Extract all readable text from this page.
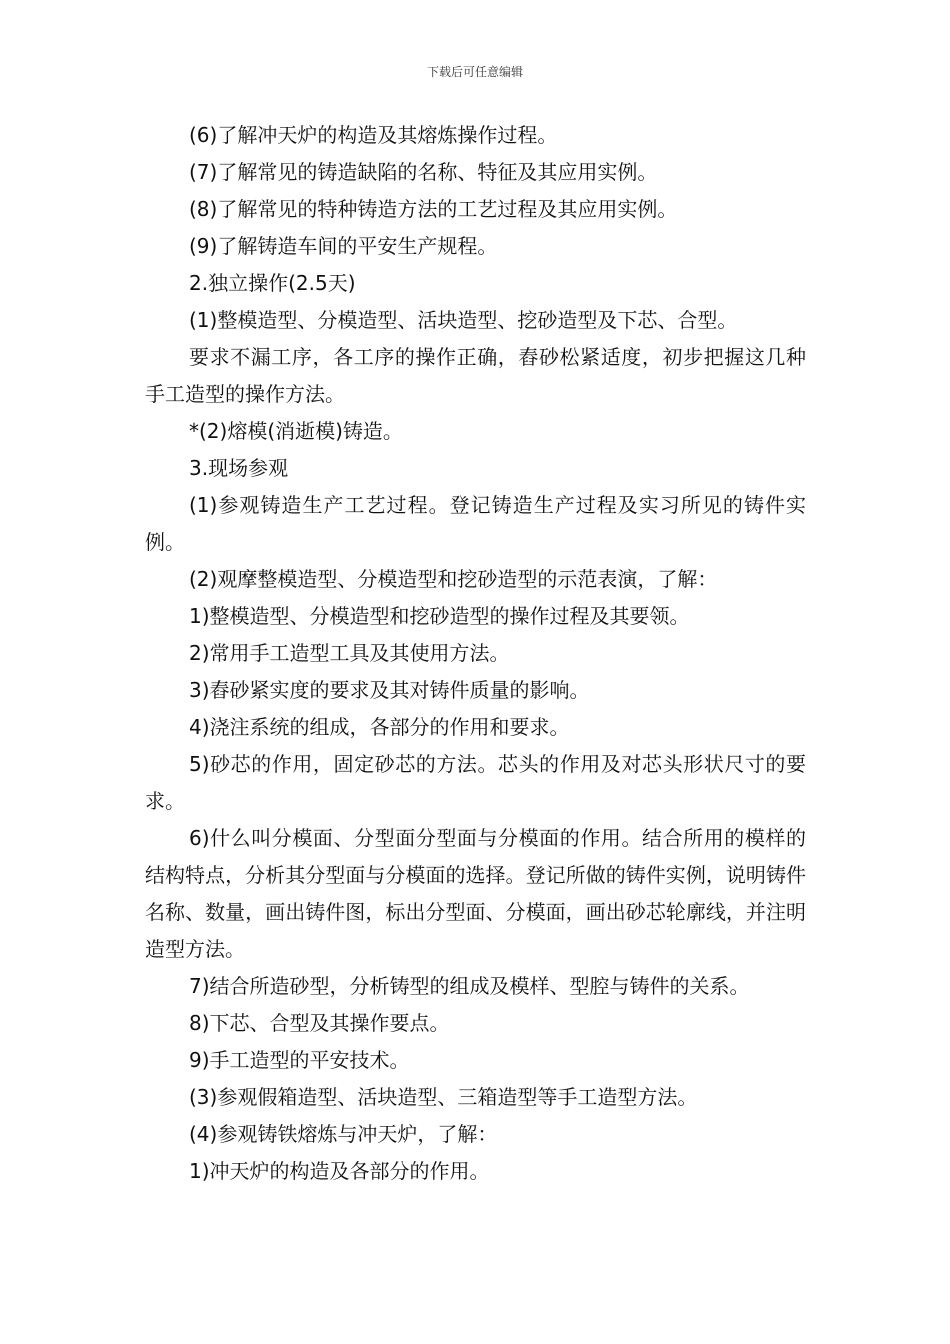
下载后可任意编辑

(6)了解冲天炉的构造及其熔炼操作过程。

(7)了解常见的铸造缺陷的名称、特征及其应用实例。

(8)了解常见的特种铸造方法的工艺过程及其应用实例。

(9)了解铸造车间的平安生产规程。

2.独立操作(2.5天)

(1)整模造型、分模造型、活块造型、挖砂造型及下芯、合型。

要求不漏工序，各工序的操作正确，舂砂松紧适度，初步把握这几种手工造型的操作方法。

*(2)熔模(消逝模)铸造。

3.现场参观

(1)参观铸造生产工艺过程。登记铸造生产过程及实习所见的铸件实例。

(2)观摩整模造型、分模造型和挖砂造型的示范表演，了解：

1)整模造型、分模造型和挖砂造型的操作过程及其要领。

2)常用手工造型工具及其使用方法。

3)舂砂紧实度的要求及其对铸件质量的影响。

4)浇注系统的组成，各部分的作用和要求。

5)砂芯的作用，固定砂芯的方法。芯头的作用及对芯头形状尺寸的要求。

6)什么叫分模面、分型面分型面与分模面的作用。结合所用的模样的结构特点，分析其分型面与分模面的选择。登记所做的铸件实例，说明铸件名称、数量，画出铸件图，标出分型面、分模面，画出砂芯轮廓线，并注明造型方法。

7)结合所造砂型，分析铸型的组成及模样、型腔与铸件的关系。

8)下芯、合型及其操作要点。

9)手工造型的平安技术。

(3)参观假箱造型、活块造型、三箱造型等手工造型方法。

(4)参观铸铁熔炼与冲天炉，了解：

1)冲天炉的构造及各部分的作用。
